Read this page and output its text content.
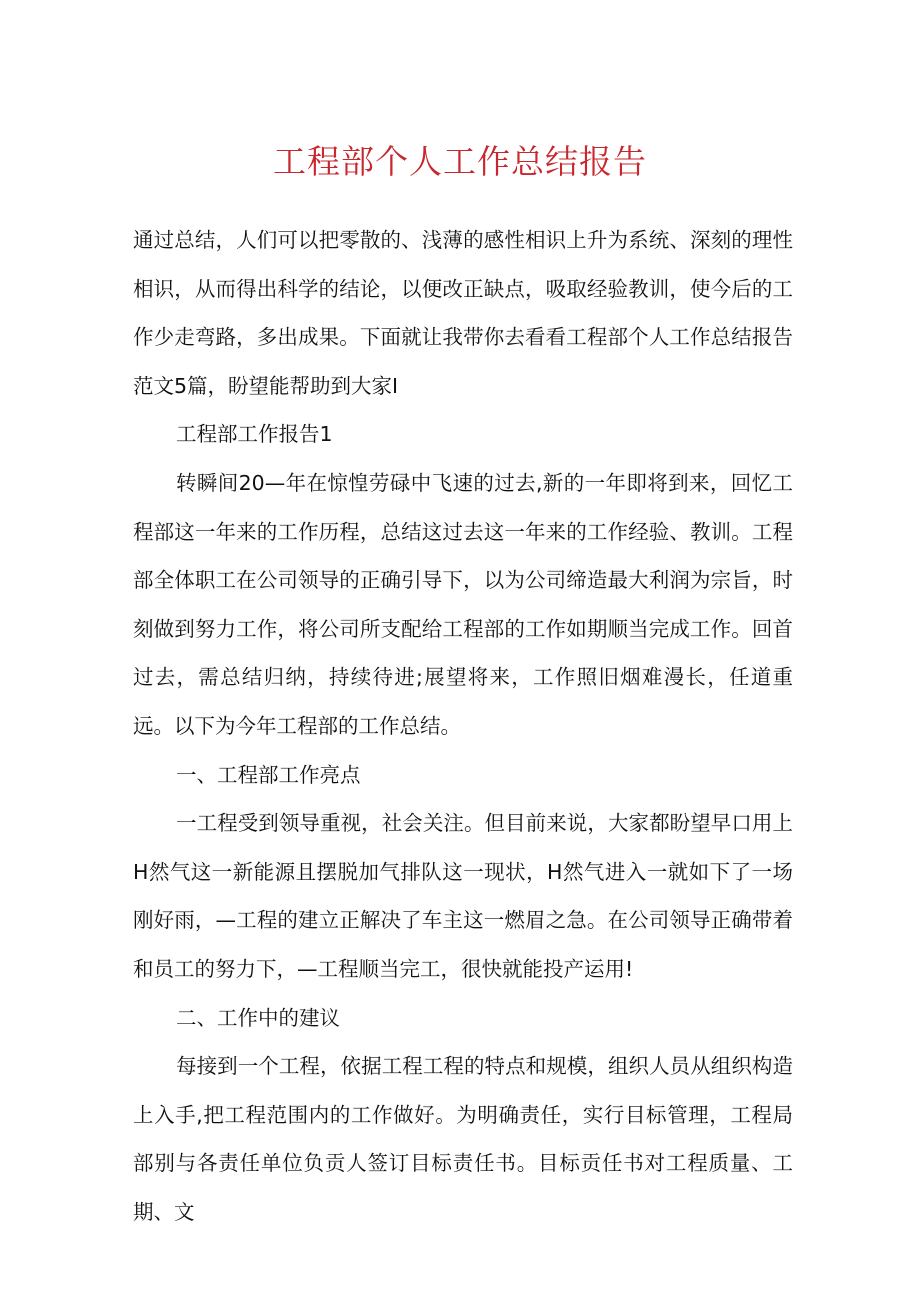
工程部个人工作总结报告

通过总结，人们可以把零散的、浅薄的感性相识上升为系统、深刻的理性相识，从而得出科学的结论，以便改正缺点，吸取经验教训，使今后的工作少走弯路，多出成果。下面就让我带你去看看工程部个人工作总结报告范文5篇，盼望能帮助到大家I

工程部工作报告1

转瞬间20—年在惊惶劳碌中飞速的过去,新的一年即将到来，回忆工程部这一年来的工作历程，总结这过去这一年来的工作经验、教训。工程部全体职工在公司领导的正确引导下，以为公司缔造最大利润为宗旨，时刻做到努力工作，将公司所支配给工程部的工作如期顺当完成工作。回首过去，需总结归纳，持续待进;展望将来，工作照旧烟难漫长，任道重远。以下为今年工程部的工作总结。

一、工程部工作亮点

一工程受到领导重视，社会关注。但目前来说，大家都盼望早口用上H然气这一新能源且摆脱加气排队这一现状，H然气进入一就如下了一场刚好雨，—工程的建立正解决了车主这一燃眉之急。在公司领导正确带着和员工的努力下，—工程顺当完工，很快就能投产运用!

二、工作中的建议

每接到一个工程，依据工程工程的特点和规模，组织人员从组织构造上入手,把工程范围内的工作做好。为明确责任，实行目标管理，工程局部别与各责任单位负贡人签订目标责任书。目标贡任书对工程质量、工期、文
